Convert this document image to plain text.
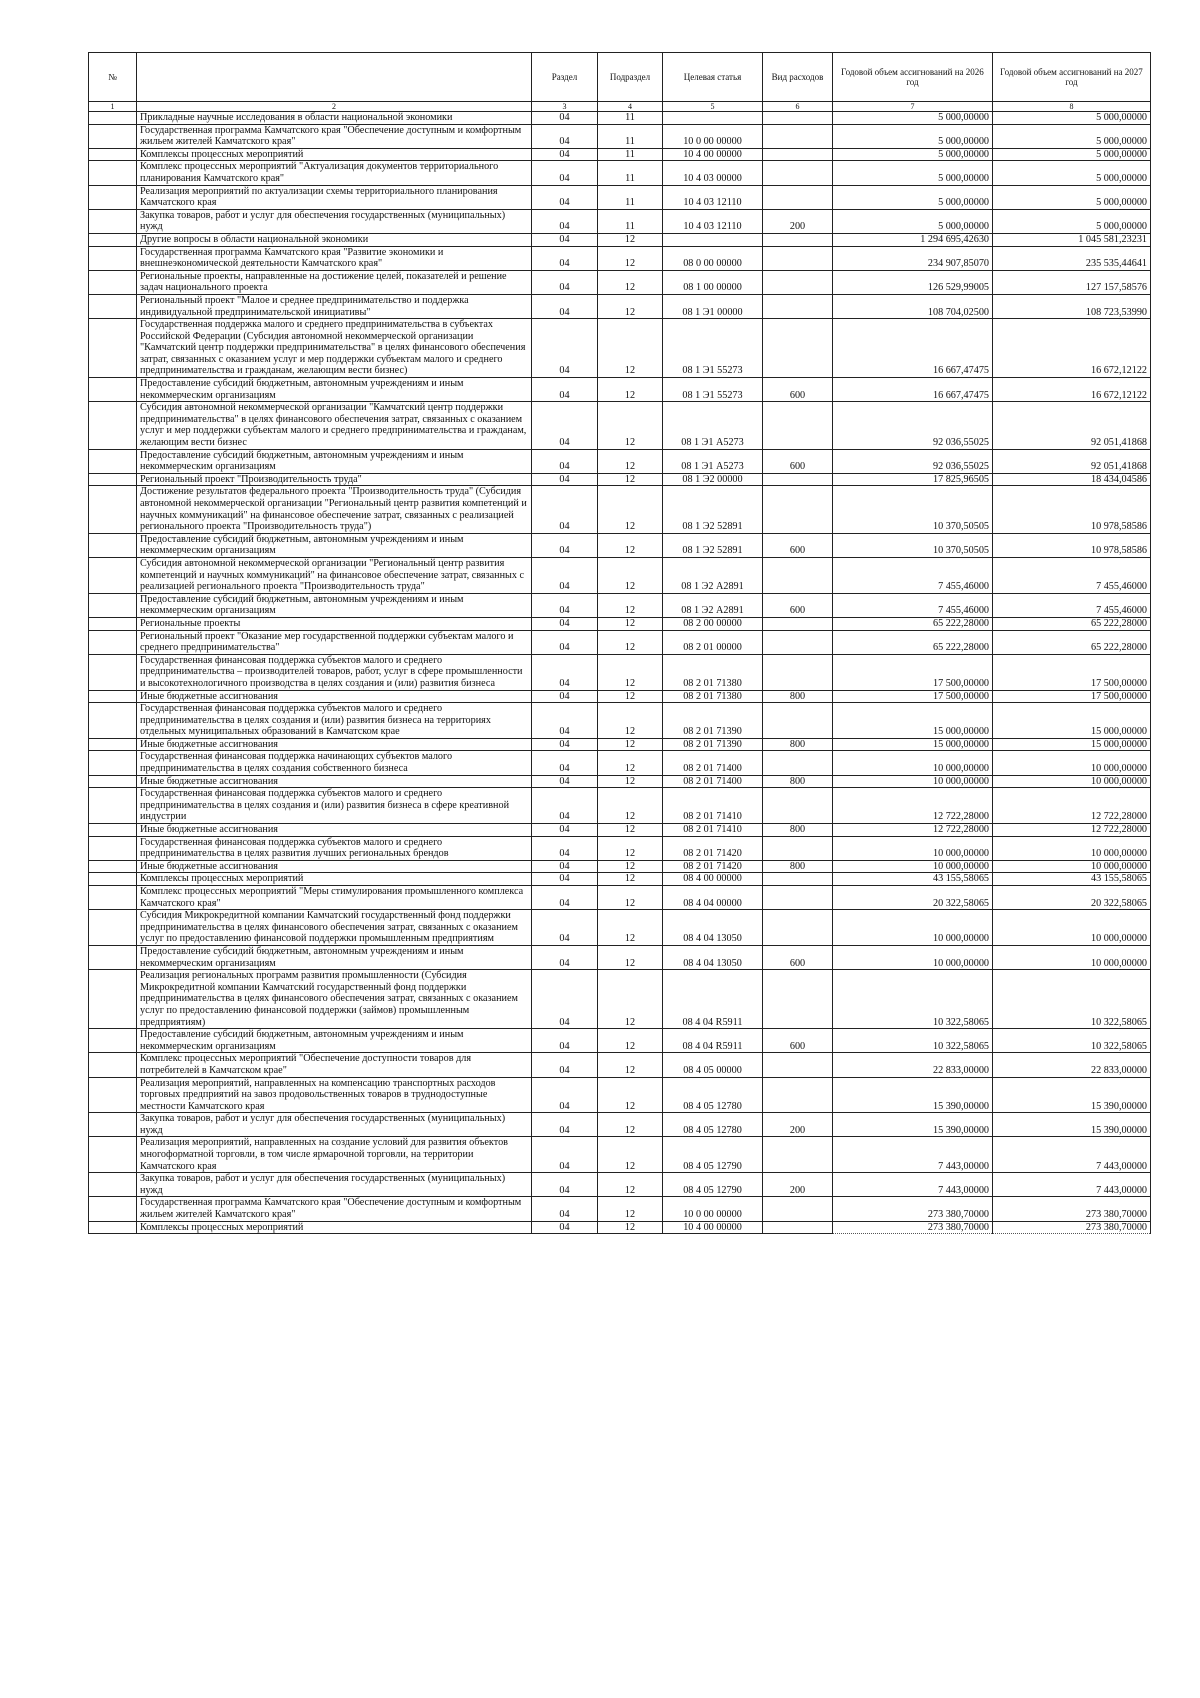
№		Раздел	Подраздел	Целевая статья	Вид расходов	Годовой объем ассигнований на 2026 год	Годовой объем ассигнований на 2027 год
1	2	3	4	5	6	7	8
	Прикладные научные исследования в области национальной экономики	04	11			5 000,00000	5 000,00000
	Государственная программа Камчатского края "Обеспечение доступным и комфортным жильем жителей Камчатского края"	04	11	10 0 00 00000		5 000,00000	5 000,00000
	Комплексы процессных мероприятий	04	11	10 4 00 00000		5 000,00000	5 000,00000
	Комплекс процессных мероприятий "Актуализация документов территориального планирования Камчатского края"	04	11	10 4 03 00000		5 000,00000	5 000,00000
	Реализация мероприятий по актуализации схемы территориального планирования Камчатского края	04	11	10 4 03 12110		5 000,00000	5 000,00000
	Закупка товаров, работ и услуг для обеспечения государственных (муниципальных) нужд	04	11	10 4 03 12110	200	5 000,00000	5 000,00000
	Другие вопросы в области национальной экономики	04	12			1 294 695,42630	1 045 581,23231
	Государственная программа Камчатского края "Развитие экономики и внешнеэкономической деятельности Камчатского края"	04	12	08 0 00 00000		234 907,85070	235 535,44641
	Региональные проекты, направленные на достижение целей, показателей и решение задач национального проекта	04	12	08 1 00 00000		126 529,99005	127 157,58576
	Региональный проект "Малое и среднее предпринимательство и поддержка индивидуальной предпринимательской инициативы"	04	12	08 1 Э1 00000		108 704,02500	108 723,53990
	Государственная поддержка малого и среднего предпринимательства в субъектах Российской Федерации (Субсидия автономной некоммерческой организации "Камчатский центр поддержки предпринимательства" в целях финансового обеспечения затрат, связанных с оказанием услуг и мер поддержки субъектам малого и среднего предпринимательства и гражданам, желающим вести бизнес)	04	12	08 1 Э1 55273		16 667,47475	16 672,12122
	Предоставление субсидий бюджетным, автономным учреждениям и иным некоммерческим организациям	04	12	08 1 Э1 55273	600	16 667,47475	16 672,12122
	Субсидия автономной некоммерческой организации "Камчатский центр поддержки предпринимательства" в целях финансового обеспечения затрат, связанных с оказанием услуг и мер поддержки субъектам малого и среднего предпринимательства и гражданам, желающим вести бизнес	04	12	08 1 Э1 А5273		92 036,55025	92 051,41868
	Предоставление субсидий бюджетным, автономным учреждениям и иным некоммерческим организациям	04	12	08 1 Э1 А5273	600	92 036,55025	92 051,41868
	Региональный проект "Производительность труда"	04	12	08 1 Э2 00000		17 825,96505	18 434,04586
	Достижение результатов федерального проекта "Производительность труда" (Субсидия автономной некоммерческой организации "Региональный центр развития компетенций и научных коммуникаций" на финансовое обеспечение затрат, связанных с реализацией регионального проекта "Производительность труда")	04	12	08 1 Э2 52891		10 370,50505	10 978,58586
	Предоставление субсидий бюджетным, автономным учреждениям и иным некоммерческим организациям	04	12	08 1 Э2 52891	600	10 370,50505	10 978,58586
	Субсидия автономной некоммерческой организации "Региональный центр развития компетенций и научных коммуникаций" на финансовое обеспечение затрат, связанных с реализацией регионального проекта "Производительность труда"	04	12	08 1 Э2 А2891		7 455,46000	7 455,46000
	Предоставление субсидий бюджетным, автономным учреждениям и иным некоммерческим организациям	04	12	08 1 Э2 А2891	600	7 455,46000	7 455,46000
	Региональные проекты	04	12	08 2 00 00000		65 222,28000	65 222,28000
	Региональный проект "Оказание мер государственной поддержки субъектам малого и среднего предпринимательства"	04	12	08 2 01 00000		65 222,28000	65 222,28000
	Государственная финансовая поддержка субъектов малого и среднего предпринимательства – производителей товаров, работ, услуг в сфере промышленности и высокотехнологичного производства в целях создания и (или) развития бизнеса	04	12	08 2 01 71380		17 500,00000	17 500,00000
	Иные бюджетные ассигнования	04	12	08 2 01 71380	800	17 500,00000	17 500,00000
	Государственная финансовая поддержка субъектов малого и среднего предпринимательства в целях создания и (или) развития бизнеса на территориях отдельных муниципальных образований в Камчатском крае	04	12	08 2 01 71390		15 000,00000	15 000,00000
	Иные бюджетные ассигнования	04	12	08 2 01 71390	800	15 000,00000	15 000,00000
	Государственная финансовая поддержка начинающих субъектов малого предпринимательства в целях создания собственного бизнеса	04	12	08 2 01 71400		10 000,00000	10 000,00000
	Иные бюджетные ассигнования	04	12	08 2 01 71400	800	10 000,00000	10 000,00000
	Государственная финансовая поддержка субъектов малого и среднего предпринимательства в целях создания и (или) развития бизнеса в сфере креативной индустрии	04	12	08 2 01 71410		12 722,28000	12 722,28000
	Иные бюджетные ассигнования	04	12	08 2 01 71410	800	12 722,28000	12 722,28000
	Государственная финансовая поддержка субъектов малого и среднего предпринимательства в целях развития лучших региональных брендов	04	12	08 2 01 71420		10 000,00000	10 000,00000
	Иные бюджетные ассигнования	04	12	08 2 01 71420	800	10 000,00000	10 000,00000
	Комплексы процессных мероприятий	04	12	08 4 00 00000		43 155,58065	43 155,58065
	Комплекс процессных мероприятий "Меры стимулирования промышленного комплекса Камчатского края"	04	12	08 4 04 00000		20 322,58065	20 322,58065
	Субсидия Микрокредитной компании Камчатский государственный фонд поддержки предпринимательства в целях финансового обеспечения затрат, связанных с оказанием услуг по предоставлению финансовой поддержки промышленным предприятиям	04	12	08 4 04 13050		10 000,00000	10 000,00000
	Предоставление субсидий бюджетным, автономным учреждениям и иным некоммерческим организациям	04	12	08 4 04 13050	600	10 000,00000	10 000,00000
	Реализация региональных программ развития промышленности (Субсидия Микрокредитной компании Камчатский государственный фонд поддержки предпринимательства в целях финансового обеспечения затрат, связанных с оказанием услуг по предоставлению финансовой поддержки (займов) промышленным предприятиям)	04	12	08 4 04 R5911		10 322,58065	10 322,58065
	Предоставление субсидий бюджетным, автономным учреждениям и иным некоммерческим организациям	04	12	08 4 04 R5911	600	10 322,58065	10 322,58065
	Комплекс процессных мероприятий "Обеспечение доступности товаров для потребителей в Камчатском крае"	04	12	08 4 05 00000		22 833,00000	22 833,00000
	Реализация мероприятий, направленных на компенсацию транспортных расходов торговых предприятий на завоз продовольственных товаров в труднодоступные местности Камчатского края	04	12	08 4 05 12780		15 390,00000	15 390,00000
	Закупка товаров, работ и услуг для обеспечения государственных (муниципальных) нужд	04	12	08 4 05 12780	200	15 390,00000	15 390,00000
	Реализация мероприятий, направленных на создание условий для развития объектов многоформатной торговли, в том числе ярмарочной торговли, на территории Камчатского края	04	12	08 4 05 12790		7 443,00000	7 443,00000
	Закупка товаров, работ и услуг для обеспечения государственных (муниципальных) нужд	04	12	08 4 05 12790	200	7 443,00000	7 443,00000
	Государственная программа Камчатского края "Обеспечение доступным и комфортным жильем жителей Камчатского края"	04	12	10 0 00 00000		273 380,70000	273 380,70000
	Комплексы процессных мероприятий	04	12	10 4 00 00000		273 380,70000	273 380,70000
